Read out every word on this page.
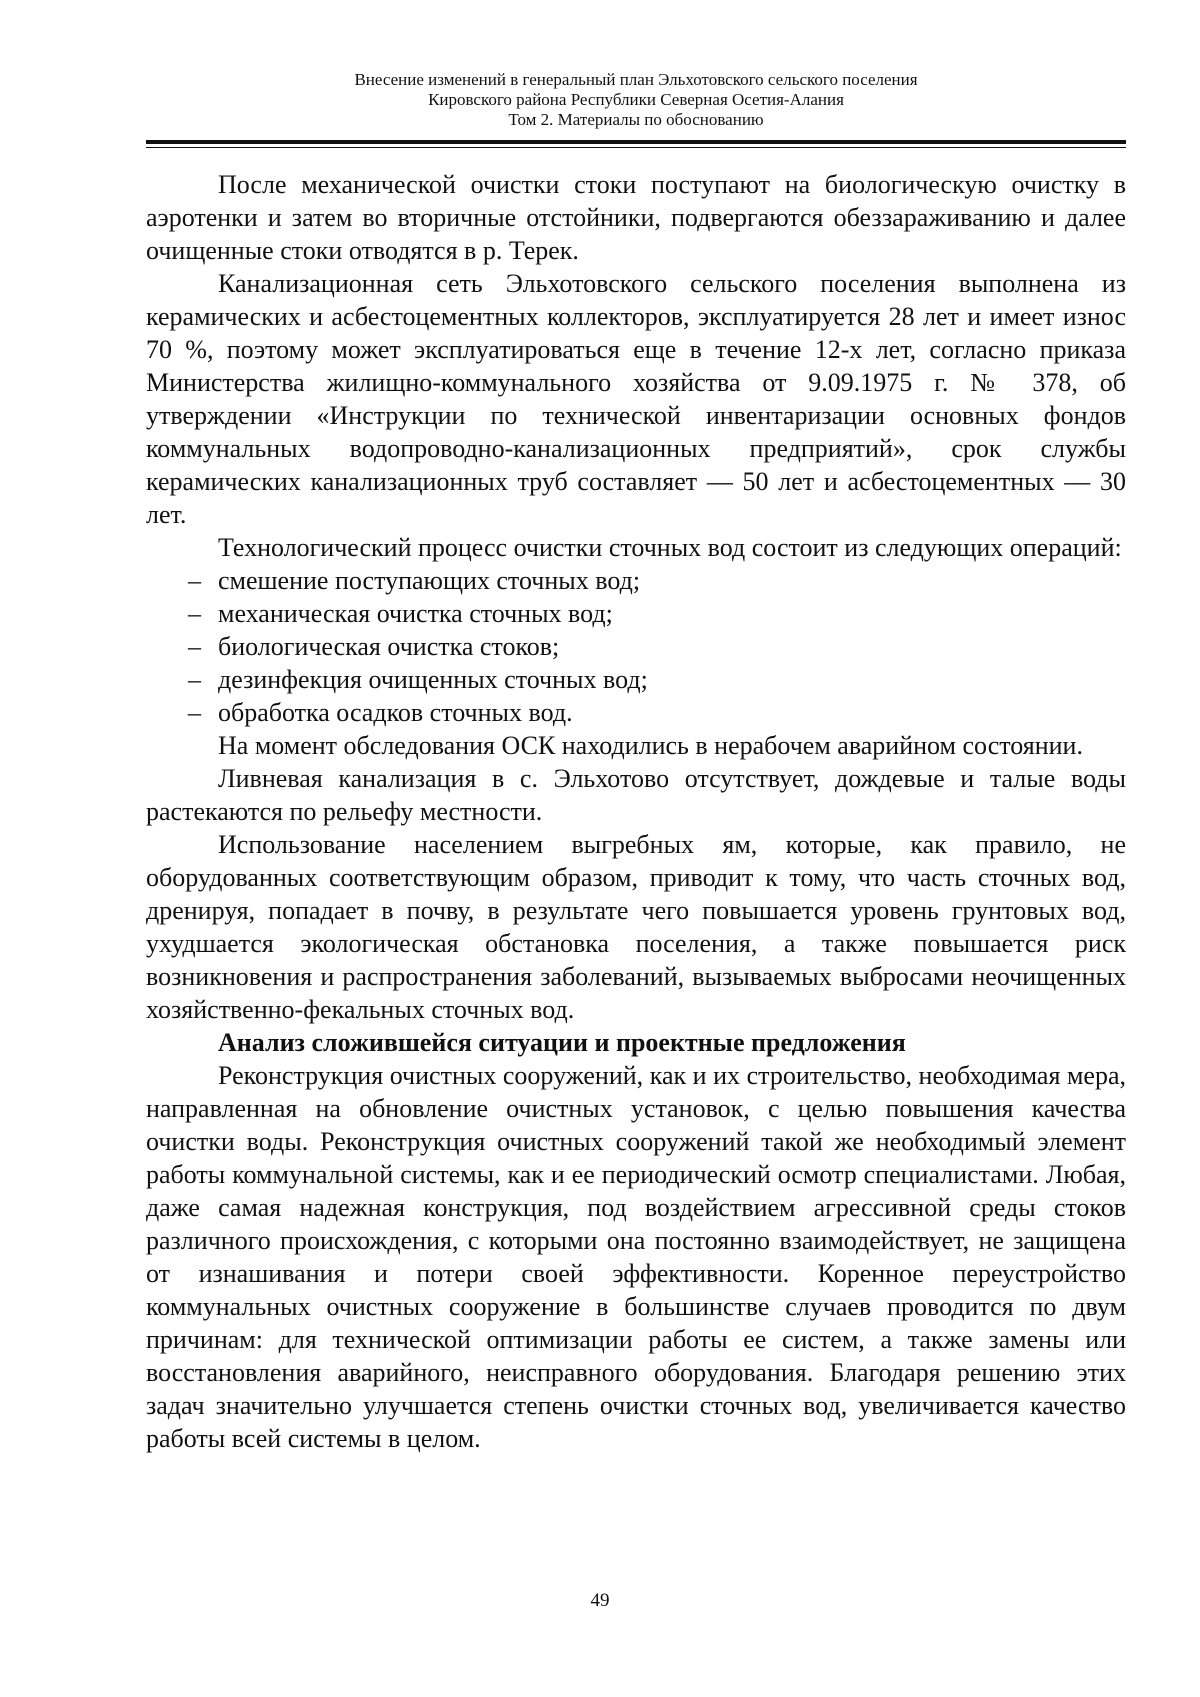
Внесение изменений в генеральный план Эльхотовского сельского поселения
Кировского района Республики Северная Осетия-Алания
Том 2. Материалы по обоснованию

После механической очистки стоки поступают на биологическую очистку в аэротенки и затем во вторичные отстойники, подвергаются обеззараживанию и далее очищенные стоки отводятся в р. Терек.

Канализационная сеть Эльхотовского сельского поселения выполнена из керамических и асбестоцементных коллекторов, эксплуатируется 28 лет и имеет износ 70 %, поэтому может эксплуатироваться еще в течение 12-х лет, согласно приказа Министерства жилищно-коммунального хозяйства от 9.09.1975 г. № 378, об утверждении «Инструкции по технической инвентаризации основных фондов коммунальных водопроводно-канализационных предприятий», срок службы керамических канализационных труб составляет — 50 лет и асбестоцементных — 30 лет.

Технологический процесс очистки сточных вод состоит из следующих операций:

– смешение поступающих сточных вод;
– механическая очистка сточных вод;
– биологическая очистка стоков;
– дезинфекция очищенных сточных вод;
– обработка осадков сточных вод.

На момент обследования ОСК находились в нерабочем аварийном состоянии.

Ливневая канализация в с. Эльхотово отсутствует, дождевые и талые воды растекаются по рельефу местности.

Использование населением выгребных ям, которые, как правило, не оборудованных соответствующим образом, приводит к тому, что часть сточных вод, дренируя, попадает в почву, в результате чего повышается уровень грунтовых вод, ухудшается экологическая обстановка поселения, а также повышается риск возникновения и распространения заболеваний, вызываемых выбросами неочищенных хозяйственно-фекальных сточных вод.

Анализ сложившейся ситуации и проектные предложения

Реконструкция очистных сооружений, как и их строительство, необходимая мера, направленная на обновление очистных установок, с целью повышения качества очистки воды. Реконструкция очистных сооружений такой же необходимый элемент работы коммунальной системы, как и ее периодический осмотр специалистами. Любая, даже самая надежная конструкция, под воздействием агрессивной среды стоков различного происхождения, с которыми она постоянно взаимодействует, не защищена от изнашивания и потери своей эффективности. Коренное переустройство коммунальных очистных сооружение в большинстве случаев проводится по двум причинам: для технической оптимизации работы ее систем, а также замены или восстановления аварийного, неисправного оборудования. Благодаря решению этих задач значительно улучшается степень очистки сточных вод, увеличивается качество работы всей системы в целом.

49
